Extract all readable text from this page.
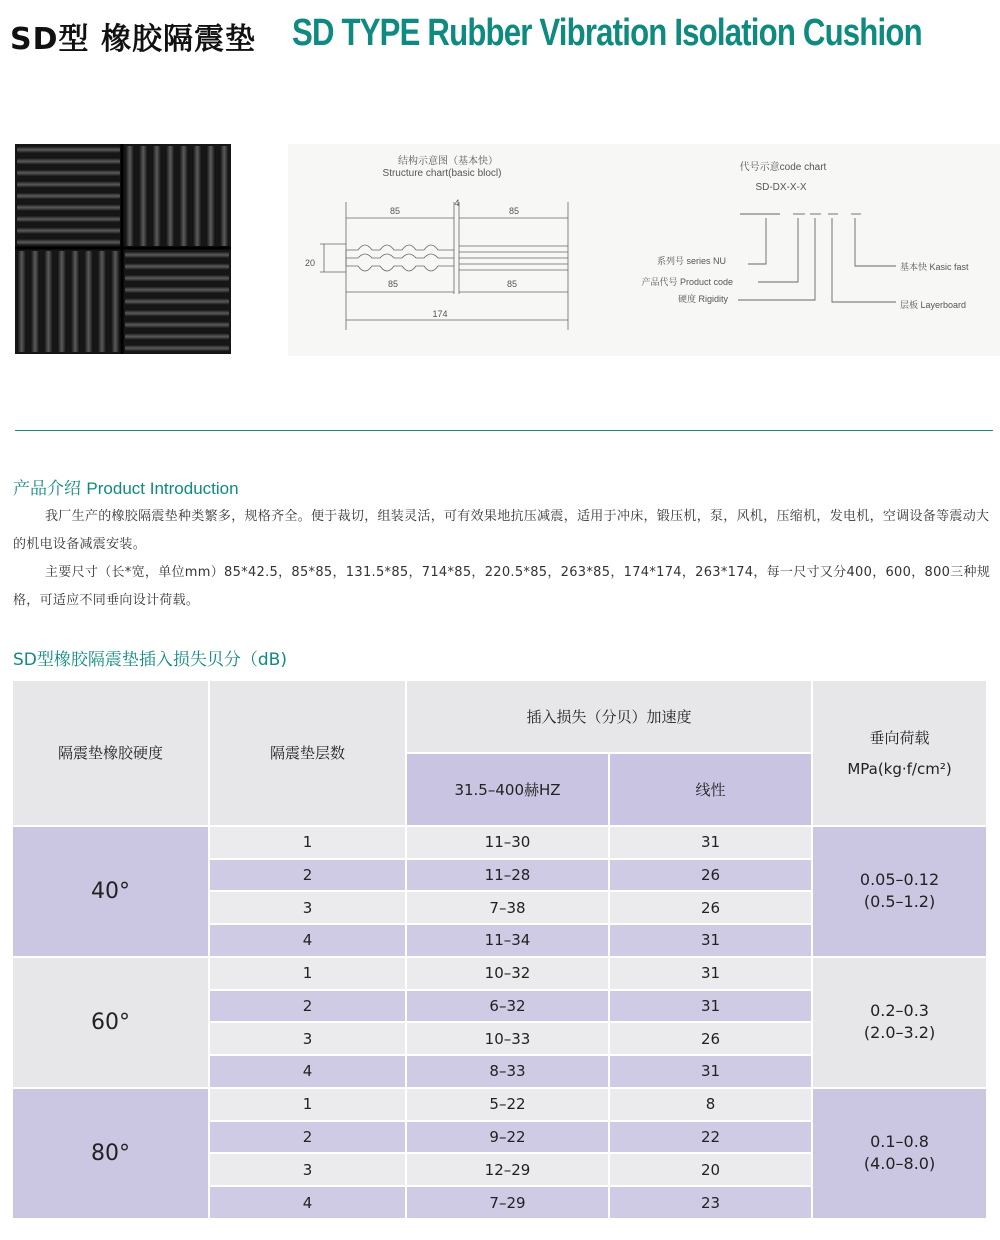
SD型 橡胶隔震垫 SD TYPE Rubber Vibration Isolation Cushion
结构示意图（基本快）
Structure chart(basic blocl)
85
4
85
20
85	85
174
代号示意code chart
SD-DX-X-X
系列号 series NU
产品代号 Product code
硬度 Rigidity
基本快 Kasic fast
层板 Layerboard
产品介绍 Product Introduction
我厂生产的橡胶隔震垫种类繁多，规格齐全。便于裁切，组装灵活，可有效果地抗压减震，适用于冲床，锻压机，泵，风机，压缩机，发电机，空调设备等震动大的机电设备减震安装。
主要尺寸（长*宽，单位mm）85*42.5，85*85，131.5*85，714*85，220.5*85，263*85，174*174，263*174，每一尺寸又分400，600，800三种规格，可适应不同垂向设计荷载。
SD型橡胶隔震垫插入损失贝分（dB)
隔震垫橡胶硬度	隔震垫层数	插入损失（分贝）加速度		垂向荷载
MPa(kg·f/cm²)

		31.5–400赫HZ	线性	
40°	1	11–30	31	0.05–0.12
(0.5–1.2)

	2	11–28	26	
	3	7–38	26	
	4	11–34	31	
60°	1	10–32	31	0.2–0.3
(2.0–3.2)

	2	6–32	31	
	3	10–33	26	
	4	8–33	31	
80°	1	5–22	8	0.1–0.8
(4.0–8.0)

	2	9–22	22	
	3	12–29	20	
	4	7–29	23	
